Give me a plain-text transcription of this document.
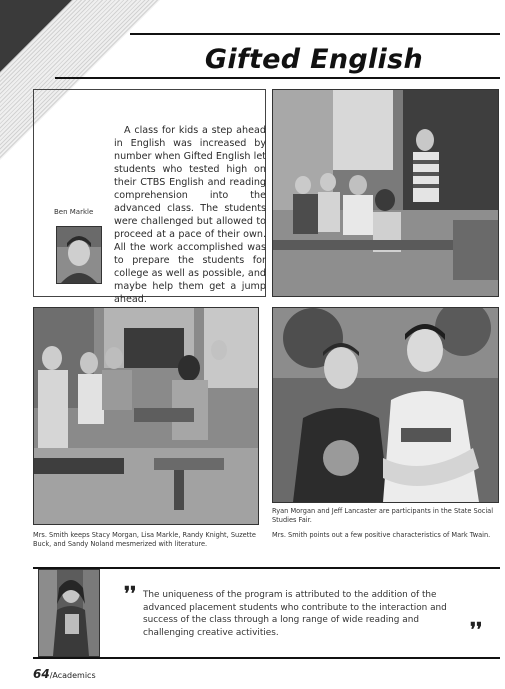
Gifted English
A class for kids a step ahead in English was increased by number when Gifted English let students who tested high on their CTBS English and reading comprehension into the advanced class. The students were challenged but allowed to proceed at a pace of their own. All the work accomplished was to prepare the students for college as well as possible, and maybe help them get a jump ahead.
Ben Markle
Ryan Morgan and Jeff Lancaster are participants in the State Social Studies Fair.
Mrs. Smith points out a few positive characteristics of Mark Twain.
Mrs. Smith keeps Stacy Morgan, Lisa Markle, Randy Knight, Suzette Buck, and Sandy Noland mesmerized with literature.
❜❜ The uniqueness of the program is attributed to the addition of the advanced placement students who contribute to the interaction and success of the class through a long range of wide reading and challenging creative activities.	❜❜
64/Academics
